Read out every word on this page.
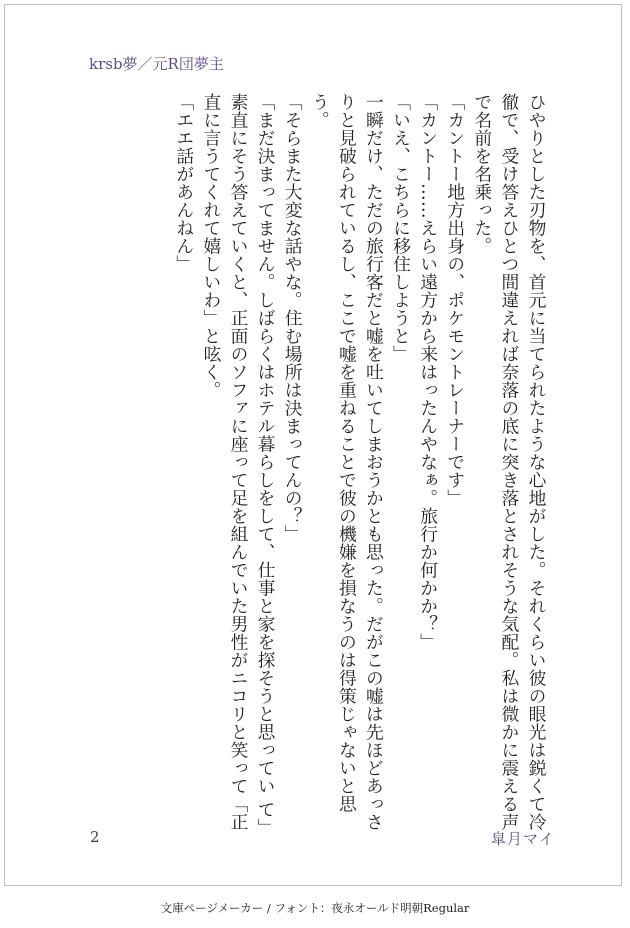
krsb夢／元R団夢主

ひやりとした刃物を、首元に当てられたような心地がした。それくらい彼の眼光は鋭くて冷徹で、受け答えひとつ間違えれば奈落の底に突き落とされそうな気配。私は微かに震える声で名前を名乗った。

「カントー地方出身の、ポケモントレーナーです」

「カントー……えらい遠方から来はったんやなぁ。旅行か何かか？」

「いえ、こちらに移住しようと」

一瞬だけ、ただの旅行客だと嘘を吐いてしまおうかとも思った。だがこの嘘は先ほどあっさりと見破られているし、ここで嘘を重ねることで彼の機嫌を損なうのは得策じゃないと思う。

「そらまた大変な話やな。住む場所は決まってんの？」

「まだ決まってません。しばらくはホテル暮らしをして、仕事と家を探そうと思ってい て」

素直にそう答えていくと、正面のソファに座って足を組んでいた男性がニコリと笑って「正直に言うてくれて嬉しいわ」と呟く。

「エエ話があんねん」

2	皐月マイ
文庫ページメーカー / フォント：夜永オールド明朝Regular
